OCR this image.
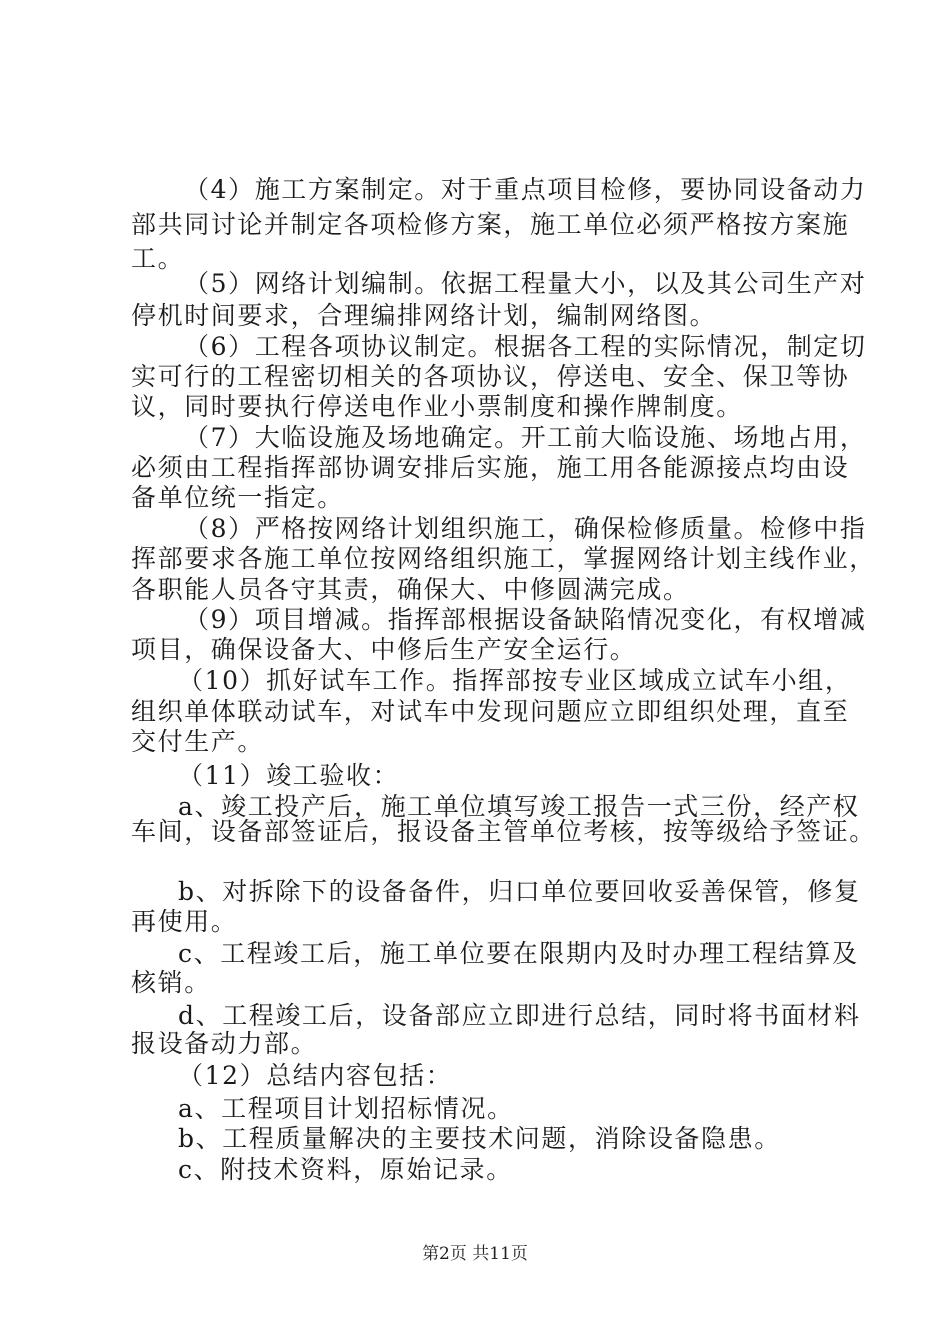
（4）施工方案制定。对于重点项目检修，要协同设备动力
部共同讨论并制定各项检修方案，施工单位必须严格按方案施
工。
（5）网络计划编制。依据工程量大小，以及其公司生产对
停机时间要求，合理编排网络计划，编制网络图。
（6）工程各项协议制定。根据各工程的实际情况，制定切
实可行的工程密切相关的各项协议，停送电、安全、保卫等协
议，同时要执行停送电作业小票制度和操作牌制度。
（7）大临设施及场地确定。开工前大临设施、场地占用，
必须由工程指挥部协调安排后实施，施工用各能源接点均由设
备单位统一指定。
（8）严格按网络计划组织施工，确保检修质量。检修中指
挥部要求各施工单位按网络组织施工，掌握网络计划主线作业，
各职能人员各守其责，确保大、中修圆满完成。
（9）项目增减。指挥部根据设备缺陷情况变化，有权增减
项目，确保设备大、中修后生产安全运行。
（10）抓好试车工作。指挥部按专业区域成立试车小组，
组织单体联动试车，对试车中发现问题应立即组织处理，直至
交付生产。
（11）竣工验收：
a、竣工投产后，施工单位填写竣工报告一式三份，经产权
车间，设备部签证后，报设备主管单位考核，按等级给予签证。
b、对拆除下的设备备件，归口单位要回收妥善保管，修复
再使用。
c、工程竣工后，施工单位要在限期内及时办理工程结算及
核销。
d、工程竣工后，设备部应立即进行总结，同时将书面材料
报设备动力部。
（12）总结内容包括：
a、工程项目计划招标情况。
b、工程质量解决的主要技术问题，消除设备隐患。
c、附技术资料，原始记录。
第2页 共11页
